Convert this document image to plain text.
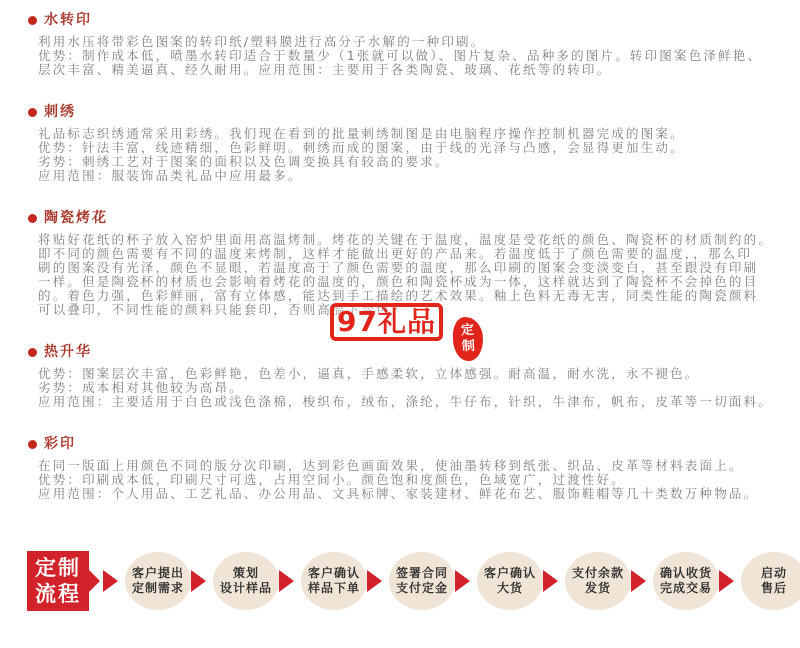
水转印
利用水压将带彩色图案的转印纸/塑料膜进行高分子水解的一种印刷。
优势：制作成本低，喷墨水转印适合于数量少（1张就可以做）、图片复杂、品种多的图片。转印图案色泽鲜艳、
层次丰富、精美逼真、经久耐用。应用范围：主要用于各类陶瓷、玻璃、花纸等的转印。
刺绣
礼品标志织绣通常采用彩绣。我们现在看到的批量刺绣制图是由电脑程序操作控制机器完成的图案。
优势：针法丰富，线迹精细，色彩鲜明。刺绣而成的图案，由于线的光泽与凸感，会显得更加生动。
劣势：刺绣工艺对于图案的面积以及色调变换具有较高的要求。
应用范围：服装饰品类礼品中应用最多。
陶瓷烤花
将贴好花纸的杯子放入窑炉里面用高温烤制。烤花的关键在于温度，温度是受花纸的颜色、陶瓷杯的材质制约的。
即不同的颜色需要有不同的温度来烤制，这样才能做出更好的产品来。若温度低于了颜色需要的温度，，那么印
刷的图案没有光泽，颜色不显眼，若温度高于了颜色需要的温度，那么印刷的图案会变淡变白，甚至跟没有印刷
一样。但是陶瓷杯的材质也会影响着烤花的温度的，颜色和陶瓷杯成为一体，这样就达到了陶瓷杯不会掉色的目
的。着色力强，色彩鲜丽，富有立体感，能达到手工描绘的艺术效果。釉上色料无毒无害，同类性能的陶瓷颜料
可以叠印，不同性能的颜料只能套印，否则高温下变色。
热升华
优势：图案层次丰富，色彩鲜艳，色差小，逼真，手感柔软，立体感强。耐高温，耐水洗，永不褪色。
劣势：成本相对其他较为高昂。
应用范围：主要适用于白色或浅色涤棉，梭织布，绒布，涤纶，牛仔布，针织，牛津布，帆布，皮革等一切面料。
彩印
在同一版面上用颜色不同的版分次印刷，达到彩色画面效果，使油墨转移到纸张、织品、皮革等材料表面上。
优势：印刷成本低，印刷尺寸可选，占用空间小。颜色饱和度颜色，色域宽广，过渡性好。
应用范围：个人用品、工艺礼品、办公用品、文具标牌、家装建材、鲜花布艺、服饰鞋帽等几十类数万种物品。
97礼品	定
制
定制
流程
客户提出
定制需求
策划
设计样品
客户确认
样品下单
签署合同
支付定金
客户确认
大货
支付余款
发货
确认收货
完成交易
启动
售后
